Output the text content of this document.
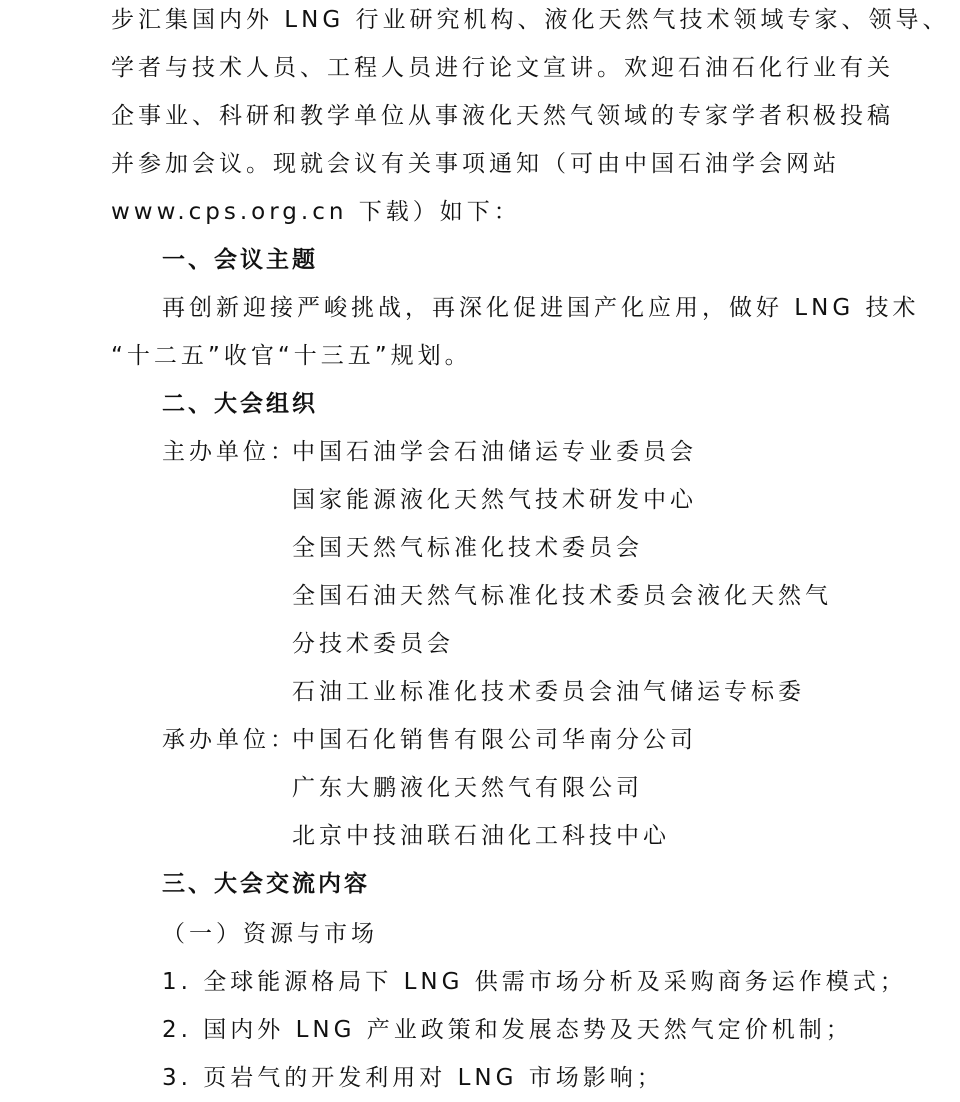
步汇集国内外 LNG 行业研究机构、液化天然气技术领域专家、领导、
学者与技术人员、工程人员进行论文宣讲。欢迎石油石化行业有关
企事业、科研和教学单位从事液化天然气领域的专家学者积极投稿
并参加会议。现就会议有关事项通知（可由中国石油学会网站
www.cps.org.cn 下载）如下：
一、会议主题
再创新迎接严峻挑战，再深化促进国产化应用，做好 LNG 技术
“十二五”收官“十三五”规划。
二、大会组织
主办单位：
中国石油学会石油储运专业委员会
国家能源液化天然气技术研发中心
全国天然气标准化技术委员会
全国石油天然气标准化技术委员会液化天然气
分技术委员会
石油工业标准化技术委员会油气储运专标委
承办单位：
中国石化销售有限公司华南分公司
广东大鹏液化天然气有限公司
北京中技油联石油化工科技中心
三、大会交流内容
（一）资源与市场
1. 全球能源格局下 LNG 供需市场分析及采购商务运作模式；
2. 国内外 LNG 产业政策和发展态势及天然气定价机制；
3. 页岩气的开发利用对 LNG 市场影响；
